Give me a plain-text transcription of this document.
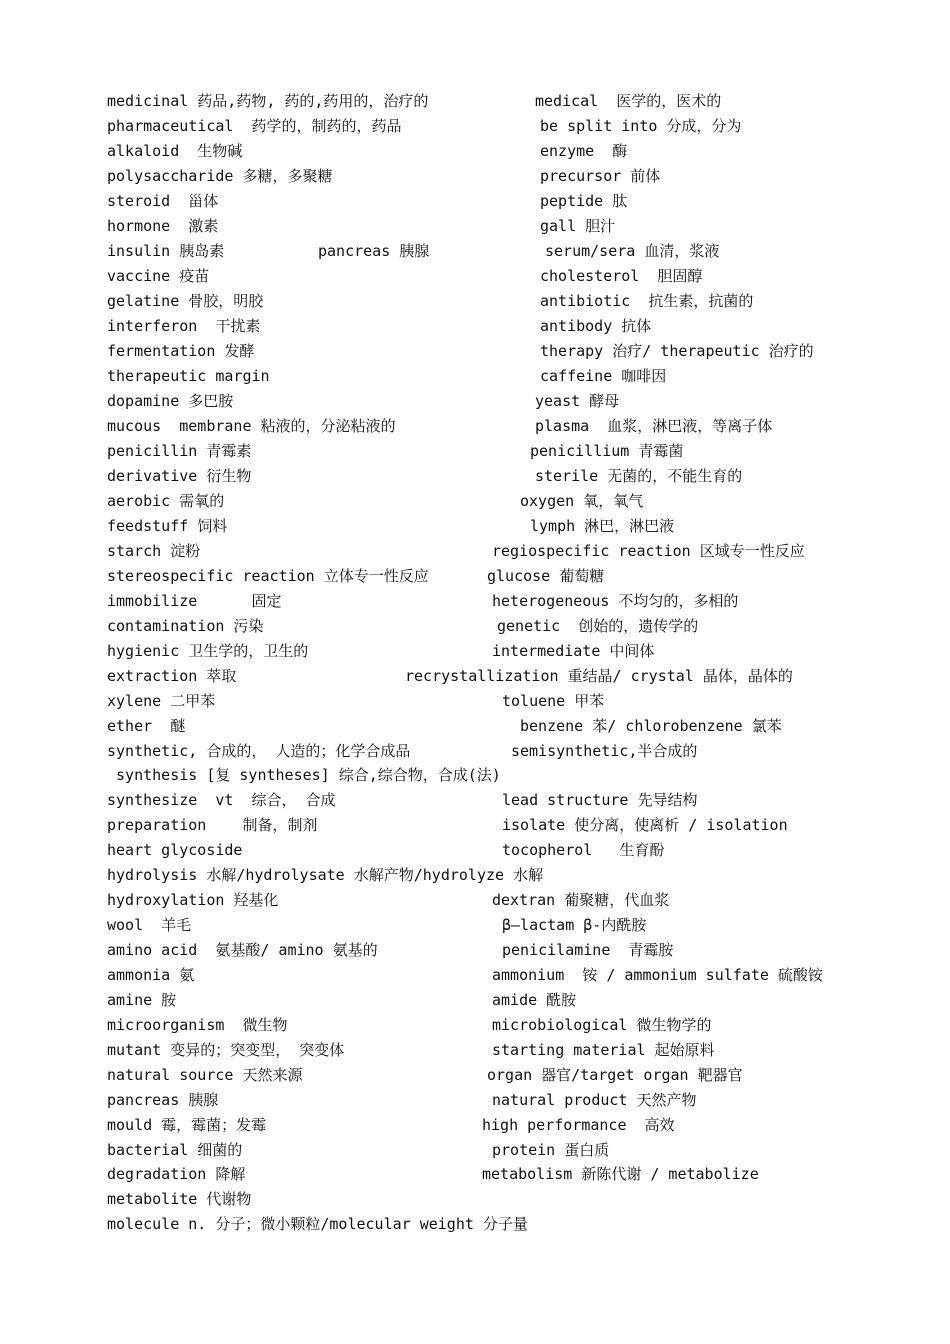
medicinal 药品,药物, 药的,药用的，治疗的	medical  医学的，医术的
pharmaceutical  药学的，制药的，药品	be split into 分成，分为
alkaloid  生物碱	enzyme  酶
polysaccharide 多糖，多聚糖	precursor 前体
steroid  甾体	peptide 肽
hormone  激素	gall 胆汁
insulin 胰岛素	pancreas 胰腺	serum/sera 血清，浆液
vaccine 疫苗	cholesterol  胆固醇
gelatine 骨胶，明胶	antibiotic  抗生素，抗菌的
interferon  干扰素	antibody 抗体
fermentation 发酵	therapy 治疗/ therapeutic 治疗的
therapeutic margin	caffeine 咖啡因
dopamine 多巴胺	yeast 酵母
mucous  membrane 粘液的，分泌粘液的	plasma  血浆，淋巴液，等离子体
penicillin 青霉素	penicillium 青霉菌
derivative 衍生物	sterile 无菌的，不能生育的
aerobic 需氧的	oxygen 氧，氧气
feedstuff 饲料	lymph 淋巴，淋巴液
starch 淀粉	regiospecific reaction 区域专一性反应
stereospecific reaction 立体专一性反应	glucose 葡萄糖
immobilize      固定	heterogeneous 不均匀的，多相的
contamination 污染	genetic  创始的，遗传学的
hygienic 卫生学的，卫生的	intermediate 中间体
extraction 萃取	recrystallization 重结晶/ crystal 晶体，晶体的
xylene 二甲苯	toluene 甲苯
ether  醚	benzene 苯/ chlorobenzene 氯苯
synthetic, 合成的， 人造的；化学合成品	semisynthetic,半合成的
synthesis [复 syntheses] 综合,综合物，合成(法)
synthesize  vt  综合， 合成	lead structure 先导结构
preparation    制备，制剂	isolate 使分离，使离析 / isolation
heart glycoside	tocopherol   生育酚
hydrolysis 水解/hydrolysate 水解产物/hydrolyze 水解
hydroxylation 羟基化	dextran 葡聚糖，代血浆
wool  羊毛	β—lactam β-内酰胺
amino acid  氨基酸/ amino 氨基的	penicilamine  青霉胺
ammonia 氨	ammonium  铵 / ammonium sulfate 硫酸铵
amine 胺	amide 酰胺
microorganism  微生物	microbiological 微生物学的
mutant 变异的；突变型， 突变体	starting material 起始原料
natural source 天然来源	organ 器官/target organ 靶器官
pancreas 胰腺	natural product 天然产物
mould 霉，霉菌；发霉	high performance  高效
bacterial 细菌的	protein 蛋白质
degradation 降解	metabolism 新陈代谢 / metabolize
metabolite 代谢物
molecule n. 分子；微小颗粒/molecular weight 分子量
